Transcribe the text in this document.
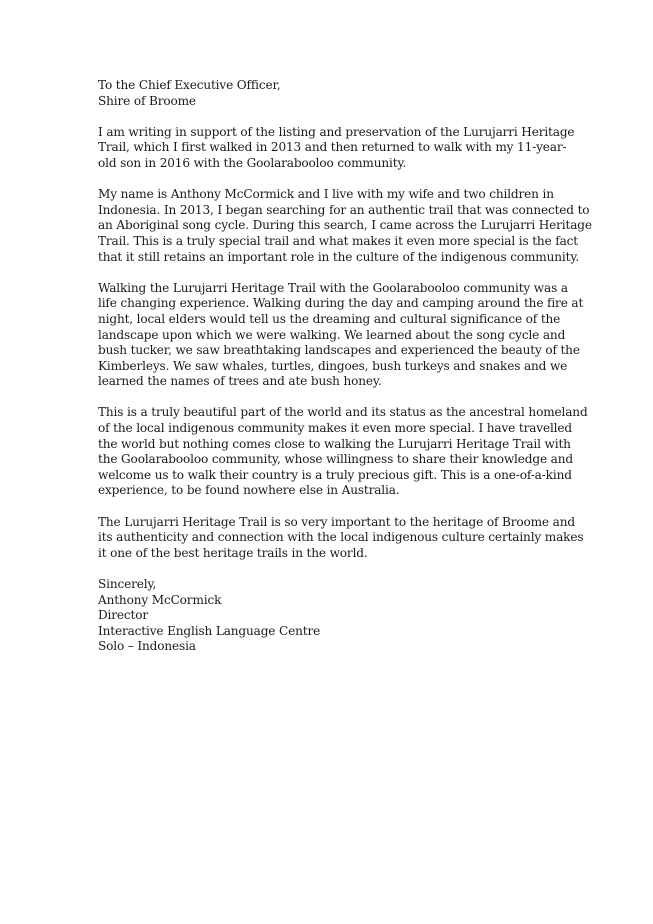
To the Chief Executive Officer,
Shire of Broome
I am writing in support of the listing and preservation of the Lurujarri Heritage
Trail, which I first walked in 2013 and then returned to walk with my 11-year-
old son in 2016 with the Goolarabooloo community.
My name is Anthony McCormick and I live with my wife and two children in
Indonesia. In 2013, I began searching for an authentic trail that was connected to
an Aboriginal song cycle. During this search, I came across the Lurujarri Heritage
Trail. This is a truly special trail and what makes it even more special is the fact
that it still retains an important role in the culture of the indigenous community.
Walking the Lurujarri Heritage Trail with the Goolarabooloo community was a
life changing experience. Walking during the day and camping around the fire at
night, local elders would tell us the dreaming and cultural significance of the
landscape upon which we were walking. We learned about the song cycle and
bush tucker, we saw breathtaking landscapes and experienced the beauty of the
Kimberleys. We saw whales, turtles, dingoes, bush turkeys and snakes and we
learned the names of trees and ate bush honey.
This is a truly beautiful part of the world and its status as the ancestral homeland
of the local indigenous community makes it even more special. I have travelled
the world but nothing comes close to walking the Lurujarri Heritage Trail with
the Goolarabooloo community, whose willingness to share their knowledge and
welcome us to walk their country is a truly precious gift. This is a one-of-a-kind
experience, to be found nowhere else in Australia.
The Lurujarri Heritage Trail is so very important to the heritage of Broome and
its authenticity and connection with the local indigenous culture certainly makes
it one of the best heritage trails in the world.
Sincerely,
Anthony McCormick
Director
Interactive English Language Centre
Solo – Indonesia
